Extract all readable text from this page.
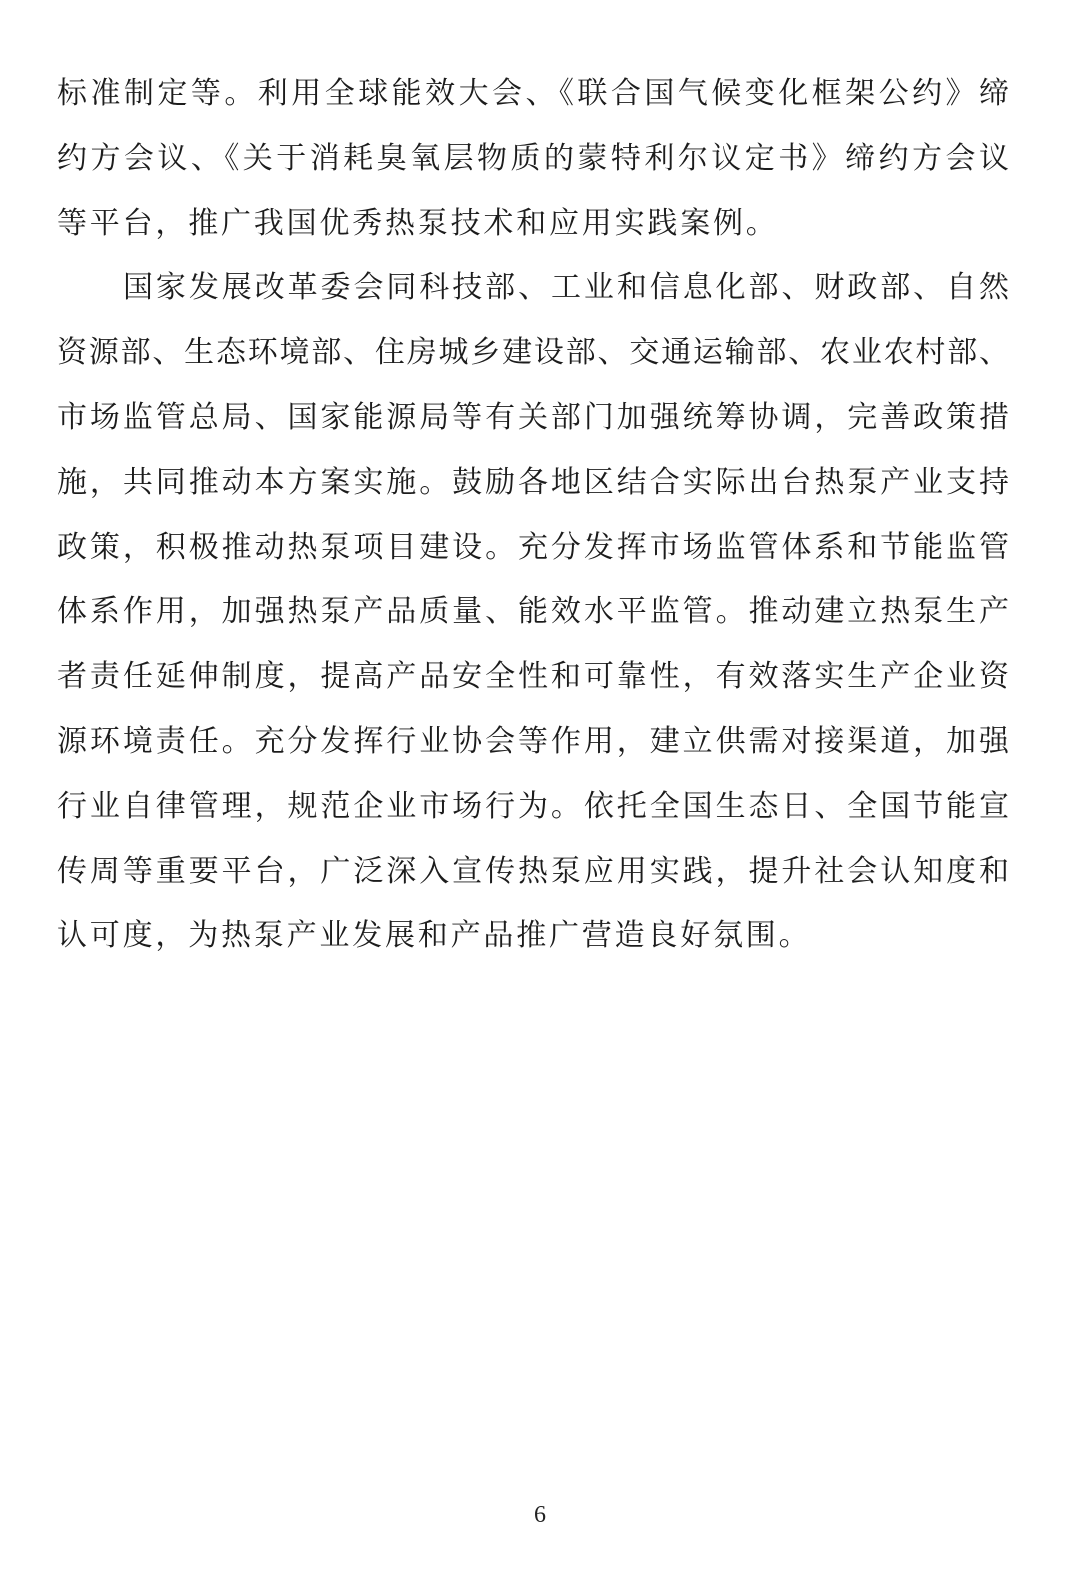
标准制定等。利用全球能效大会、《联合国气候变化框架公约》缔
约方会议、《关于消耗臭氧层物质的蒙特利尔议定书》缔约方会议
等平台，推广我国优秀热泵技术和应用实践案例。
国家发展改革委会同科技部、工业和信息化部、财政部、自然
资源部、生态环境部、住房城乡建设部、交通运输部、农业农村部、
市场监管总局、国家能源局等有关部门加强统筹协调，完善政策措
施，共同推动本方案实施。鼓励各地区结合实际出台热泵产业支持
政策，积极推动热泵项目建设。充分发挥市场监管体系和节能监管
体系作用，加强热泵产品质量、能效水平监管。推动建立热泵生产
者责任延伸制度，提高产品安全性和可靠性，有效落实生产企业资
源环境责任。充分发挥行业协会等作用，建立供需对接渠道，加强
行业自律管理，规范企业市场行为。依托全国生态日、全国节能宣
传周等重要平台，广泛深入宣传热泵应用实践，提升社会认知度和
认可度，为热泵产业发展和产品推广营造良好氛围。
6
